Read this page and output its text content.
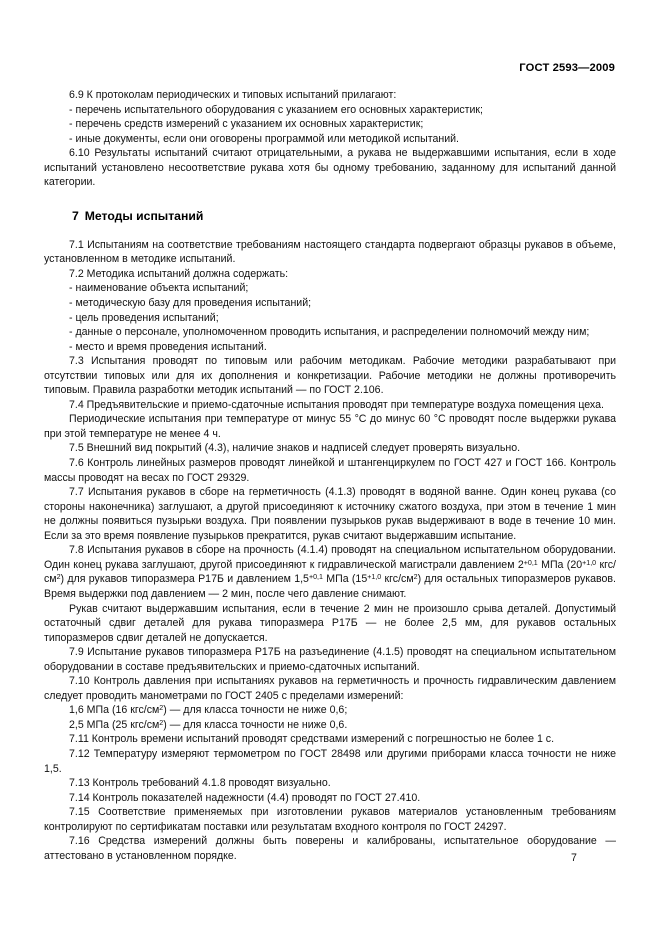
ГОСТ 2593—2009

6.9 К протоколам периодических и типовых испытаний прилагают:

- перечень испытательного оборудования с указанием его основных характеристик;

- перечень средств измерений с указанием их основных характеристик;

- иные документы, если они оговорены программой или методикой испытаний.

6.10 Результаты испытаний считают отрицательными, а рукава не выдержавшими испытания, если в ходе испытаний установлено несоответствие рукава хотя бы одному требованию, заданному для испытаний данной категории.

7 Методы испытаний

7.1 Испытаниям на соответствие требованиям настоящего стандарта подвергают образцы рукавов в объеме, установленном в методике испытаний.

7.2 Методика испытаний должна содержать:

- наименование объекта испытаний;

- методическую базу для проведения испытаний;

- цель проведения испытаний;

- данные о персонале, уполномоченном проводить испытания, и распределении полномочий между ним;

- место и время проведения испытаний.

7.3 Испытания проводят по типовым или рабочим методикам. Рабочие методики разрабатывают при отсутствии типовых или для их дополнения и конкретизации. Рабочие методики не должны противоречить типовым. Правила разработки методик испытаний — по ГОСТ 2.106.

7.4 Предъявительские и приемо-сдаточные испытания проводят при температуре воздуха помещения цеха.

Периодические испытания при температуре от минус 55 °С до минус 60 °С проводят после выдержки рукава при этой температуре не менее 4 ч.

7.5 Внешний вид покрытий (4.3), наличие знаков и надписей следует проверять визуально.

7.6 Контроль линейных размеров проводят линейкой и штангенциркулем по ГОСТ 427 и ГОСТ 166. Контроль массы проводят на весах по ГОСТ 29329.

7.7 Испытания рукавов в сборе на герметичность (4.1.3) проводят в водяной ванне. Один конец рукава (со стороны наконечника) заглушают, а другой присоединяют к источнику сжатого воздуха, при этом в течение 1 мин не должны появиться пузырьки воздуха. При появлении пузырьков рукав выдерживают в воде в течение 10 мин. Если за это время появление пузырьков прекратится, рукав считают выдержавшим испытание.

7.8 Испытания рукавов в сборе на прочность (4.1.4) проводят на специальном испытательном оборудовании. Один конец рукава заглушают, другой присоединяют к гидравлической магистрали давлением $2^{+0,1}$ МПа ($20^{+1,0}$ кгс/$см^2$) для рукавов типоразмера Р17Б и давлением $1,5^{+0,1}$ МПа ($15^{+1,0}$ кгс/$см^2$) для остальных типоразмеров рукавов. Время выдержки под давлением — 2 мин, после чего давление снимают.

Рукав считают выдержавшим испытания, если в течение 2 мин не произошло срыва деталей. Допустимый остаточный сдвиг деталей для рукава типоразмера Р17Б — не более 2,5 мм, для рукавов остальных типоразмеров сдвиг деталей не допускается.

7.9 Испытание рукавов типоразмера Р17Б на разъединение (4.1.5) проводят на специальном испытательном оборудовании в составе предъявительских и приемо-сдаточных испытаний.

7.10 Контроль давления при испытаниях рукавов на герметичность и прочность гидравлическим давлением следует проводить манометрами по ГОСТ 2405 с пределами измерений:

1,6 МПа (16 кгс/$см^2$) — для класса точности не ниже 0,6;

2,5 МПа (25 кгс/$см^2$) — для класса точности не ниже 0,6.

7.11 Контроль времени испытаний проводят средствами измерений с погрешностью не более 1 с.

7.12 Температуру измеряют термометром по ГОСТ 28498 или другими приборами класса точности не ниже 1,5.

7.13 Контроль требований 4.1.8 проводят визуально.

7.14 Контроль показателей надежности (4.4) проводят по ГОСТ 27.410.

7.15 Соответствие применяемых при изготовлении рукавов материалов установленным требованиям контролируют по сертификатам поставки или результатам входного контроля по ГОСТ 24297.

7.16 Средства измерений должны быть поверены и калиброваны, испытательное оборудование — аттестовано в установленном порядке.	7
